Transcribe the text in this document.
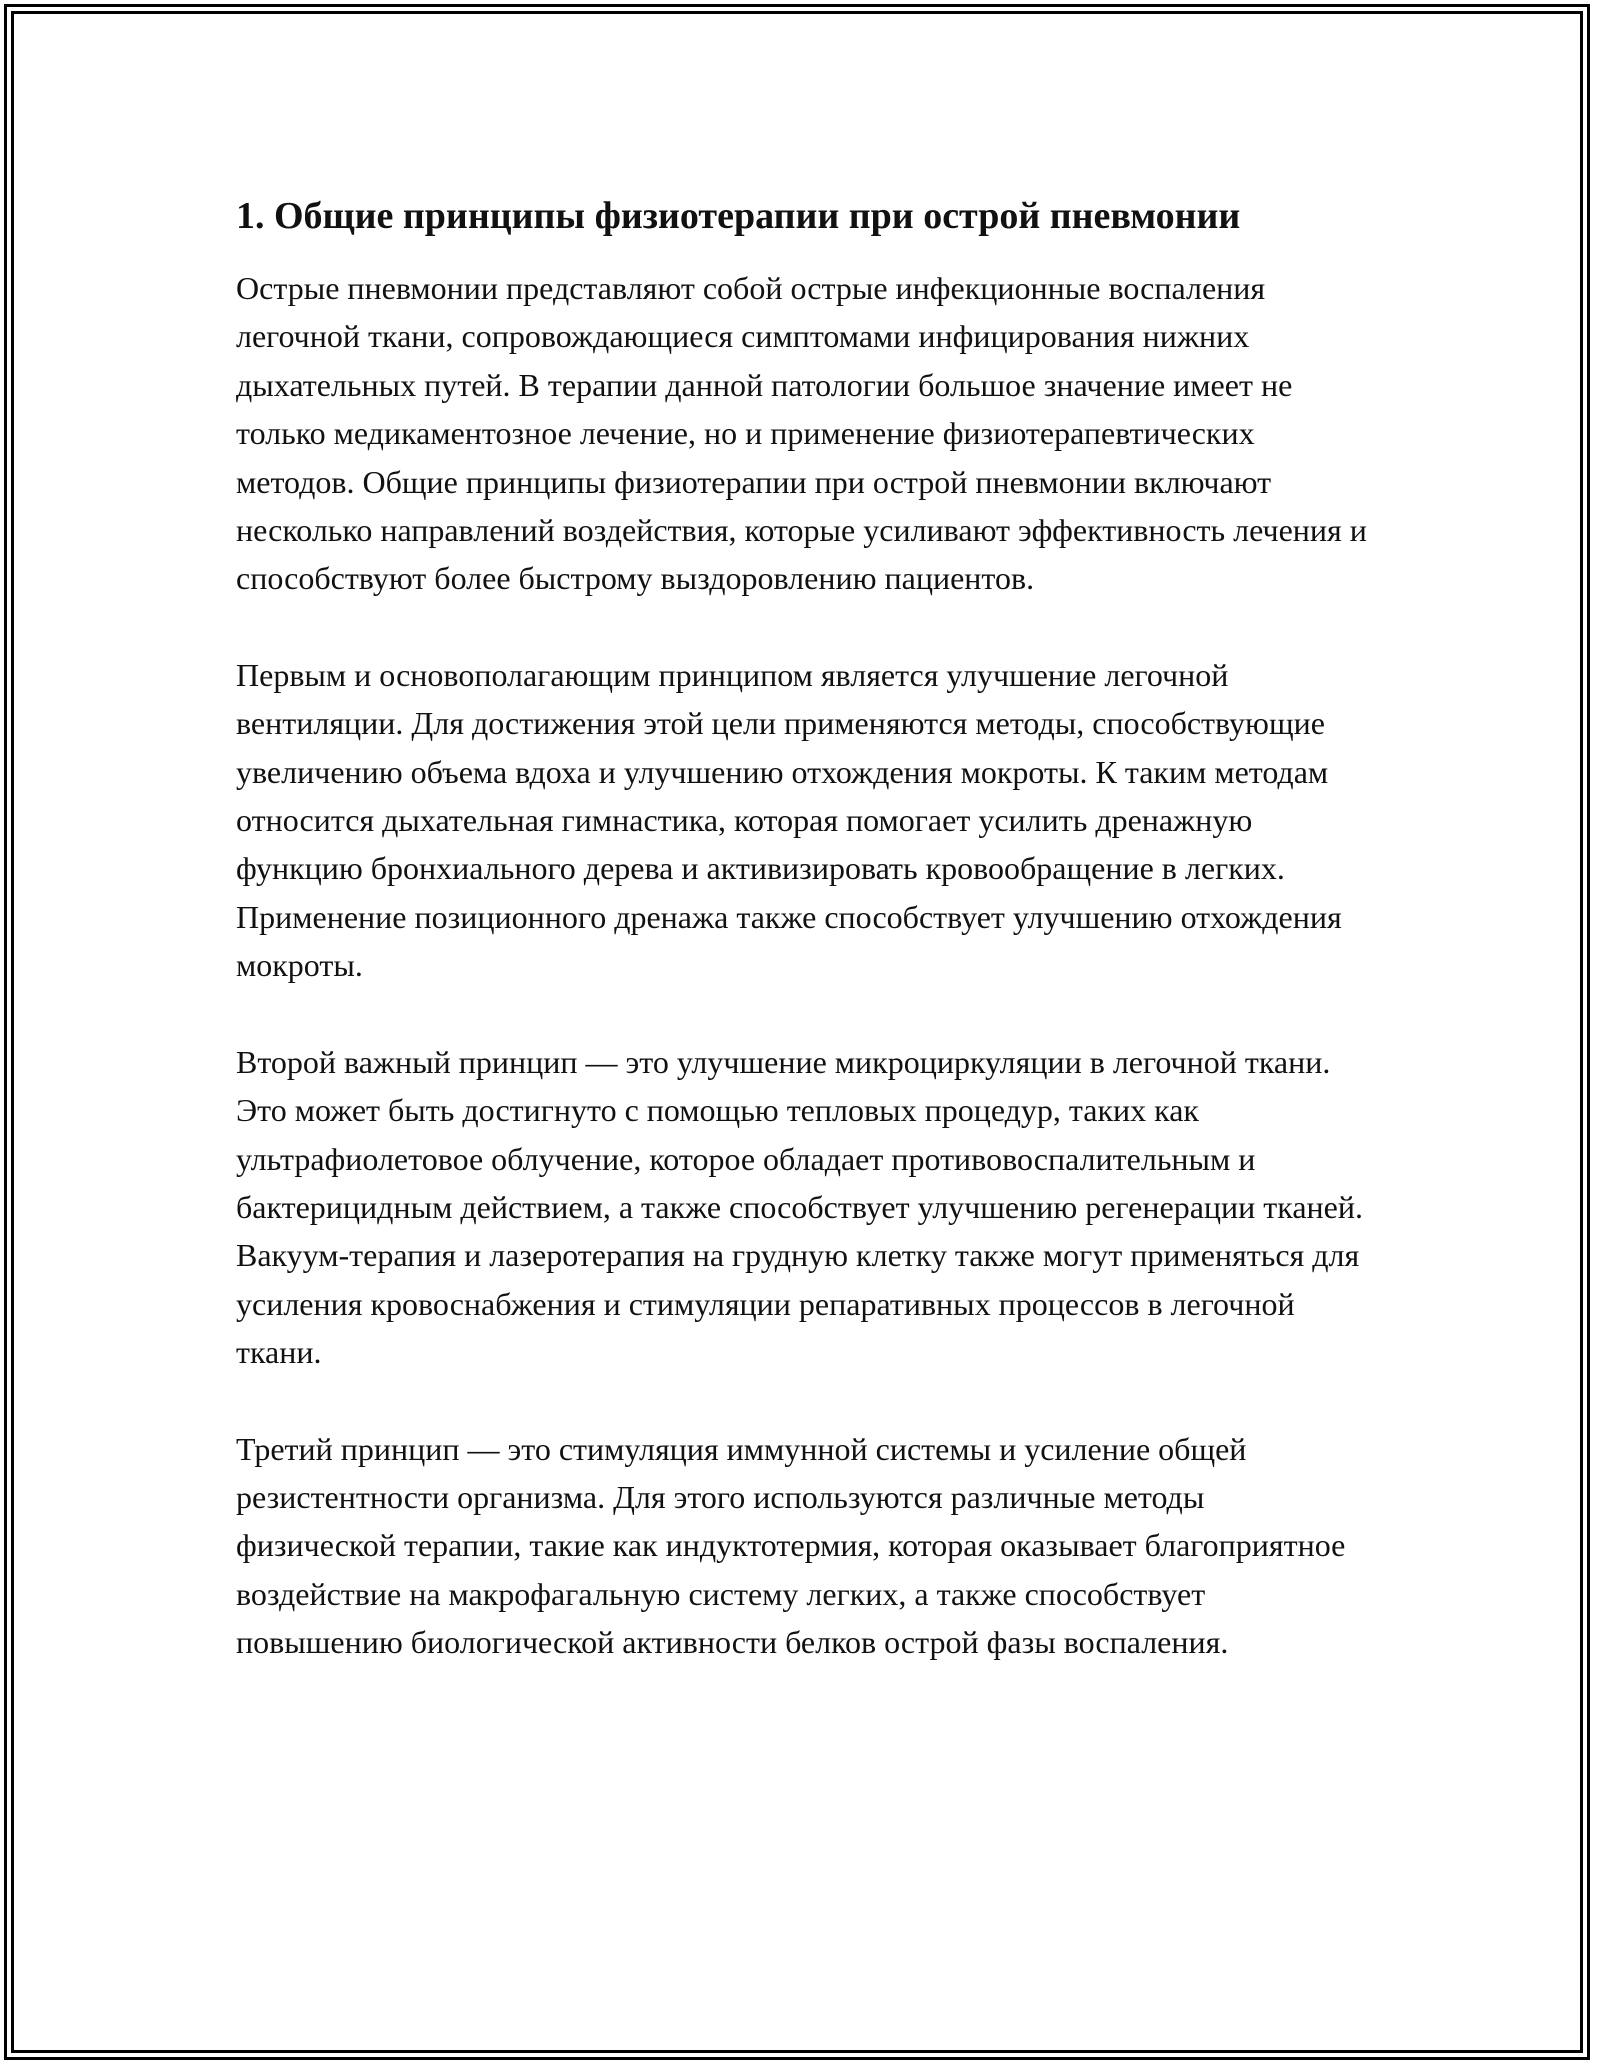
1. Общие принципы физиотерапии при острой пневмонии

Острые пневмонии представляют собой острые инфекционные воспаления легочной ткани, сопровождающиеся симптомами инфицирования нижних дыхательных путей. В терапии данной патологии большое значение имеет не только медикаментозное лечение, но и применение физиотерапевтических методов. Общие принципы физиотерапии при острой пневмонии включают несколько направлений воздействия, которые усиливают эффективность лечения и способствуют более быстрому выздоровлению пациентов.

Первым и основополагающим принципом является улучшение легочной вентиляции. Для достижения этой цели применяются методы, способствующие увеличению объема вдоха и улучшению отхождения мокроты. К таким методам относится дыхательная гимнастика, которая помогает усилить дренажную функцию бронхиального дерева и активизировать кровообращение в легких. Применение позиционного дренажа также способствует улучшению отхождения мокроты.

Второй важный принцип — это улучшение микроциркуляции в легочной ткани. Это может быть достигнуто с помощью тепловых процедур, таких как ультрафиолетовое облучение, которое обладает противовоспалительным и бактерицидным действием, а также способствует улучшению регенерации тканей. Вакуум-терапия и лазеротерапия на грудную клетку также могут применяться для усиления кровоснабжения и стимуляции репаративных процессов в легочной ткани.

Третий принцип — это стимуляция иммунной системы и усиление общей резистентности организма. Для этого используются различные методы физической терапии, такие как индуктотермия, которая оказывает благоприятное воздействие на макрофагальную систему легких, а также способствует повышению биологической активности белков острой фазы воспаления.
